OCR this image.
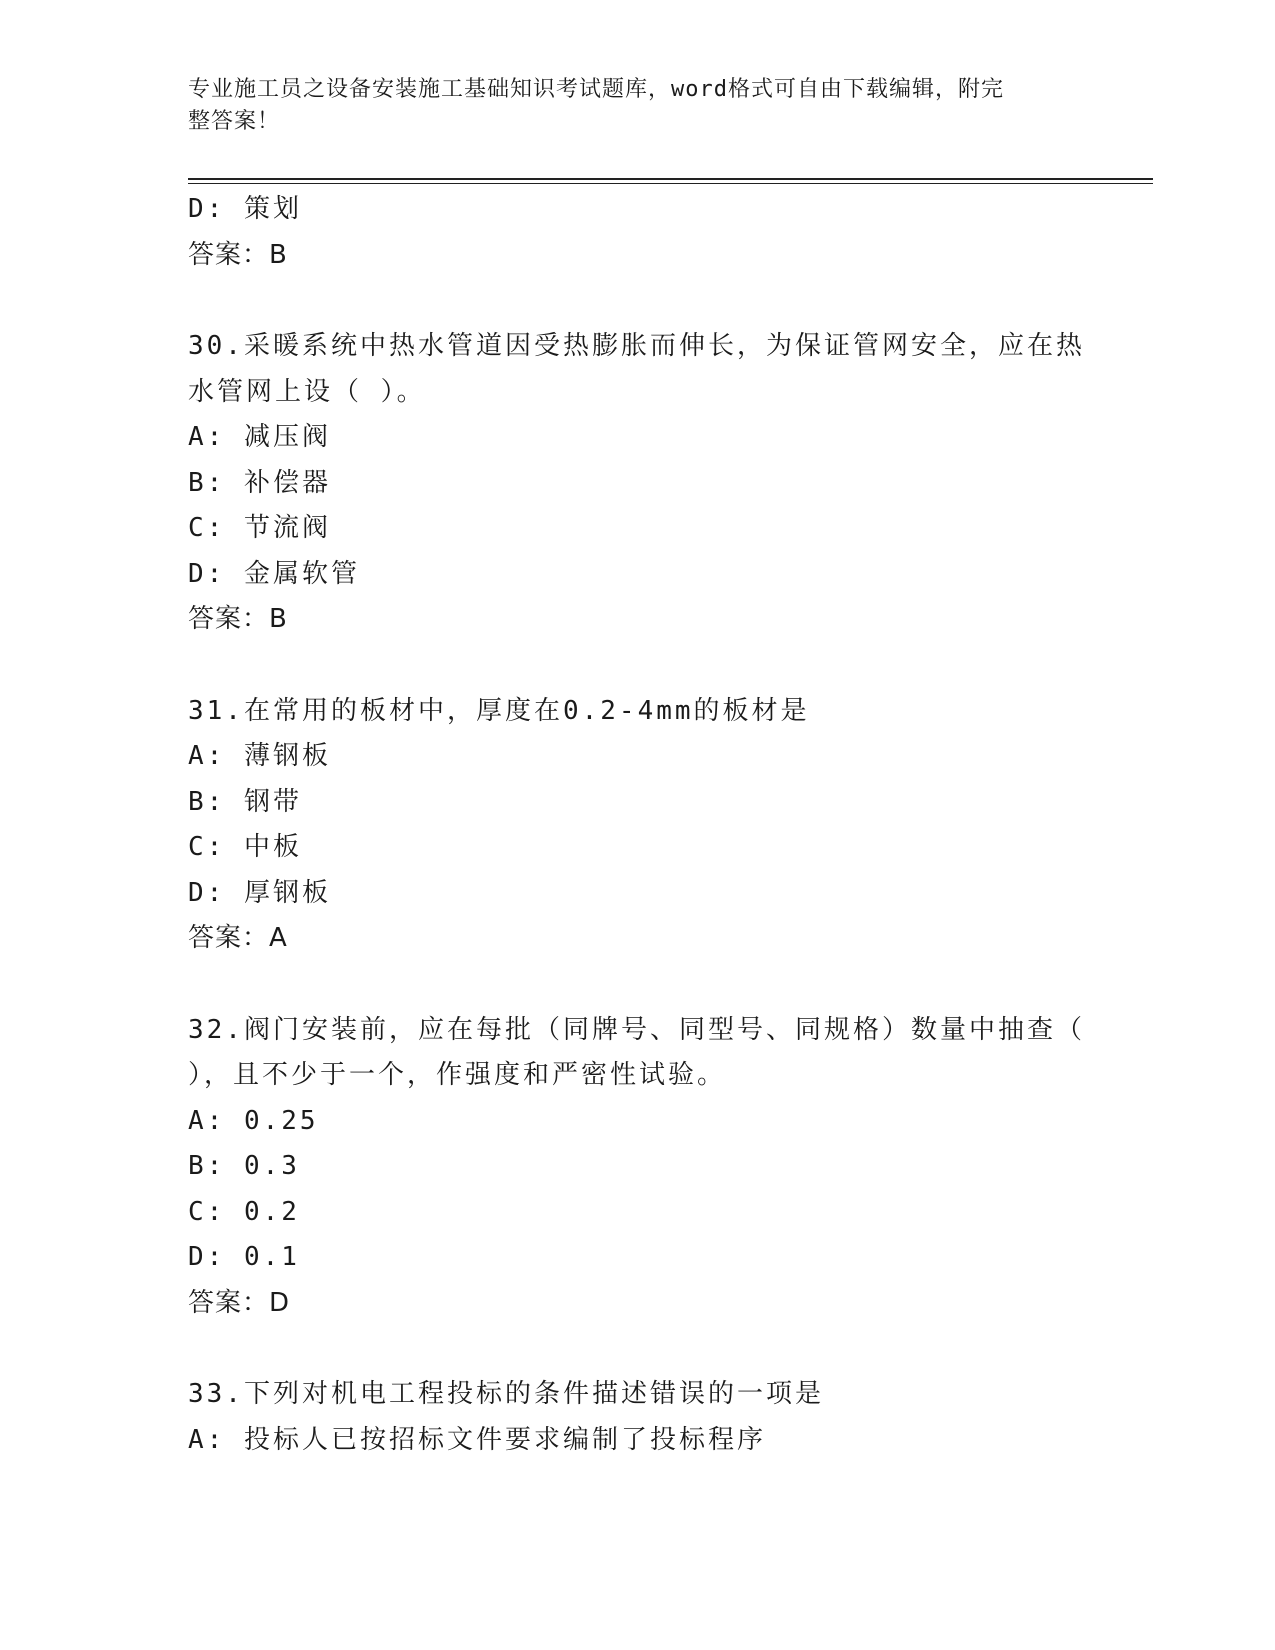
专业施工员之设备安装施工基础知识考试题库，word格式可自由下载编辑，附完
整答案！
D: 策划
答案：B
30.采暖系统中热水管道因受热膨胀而伸长，为保证管网安全，应在热
水管网上设（ ）。
A: 减压阀
B: 补偿器
C: 节流阀
D: 金属软管
答案：B
31.在常用的板材中，厚度在0.2-4mm的板材是
A: 薄钢板
B: 钢带
C: 中板
D: 厚钢板
答案：A
32.阀门安装前，应在每批（同牌号、同型号、同规格）数量中抽查（
），且不少于一个，作强度和严密性试验。
A: 0.25
B: 0.3
C: 0.2
D: 0.1
答案：D
33.下列对机电工程投标的条件描述错误的一项是
A: 投标人已按招标文件要求编制了投标程序
